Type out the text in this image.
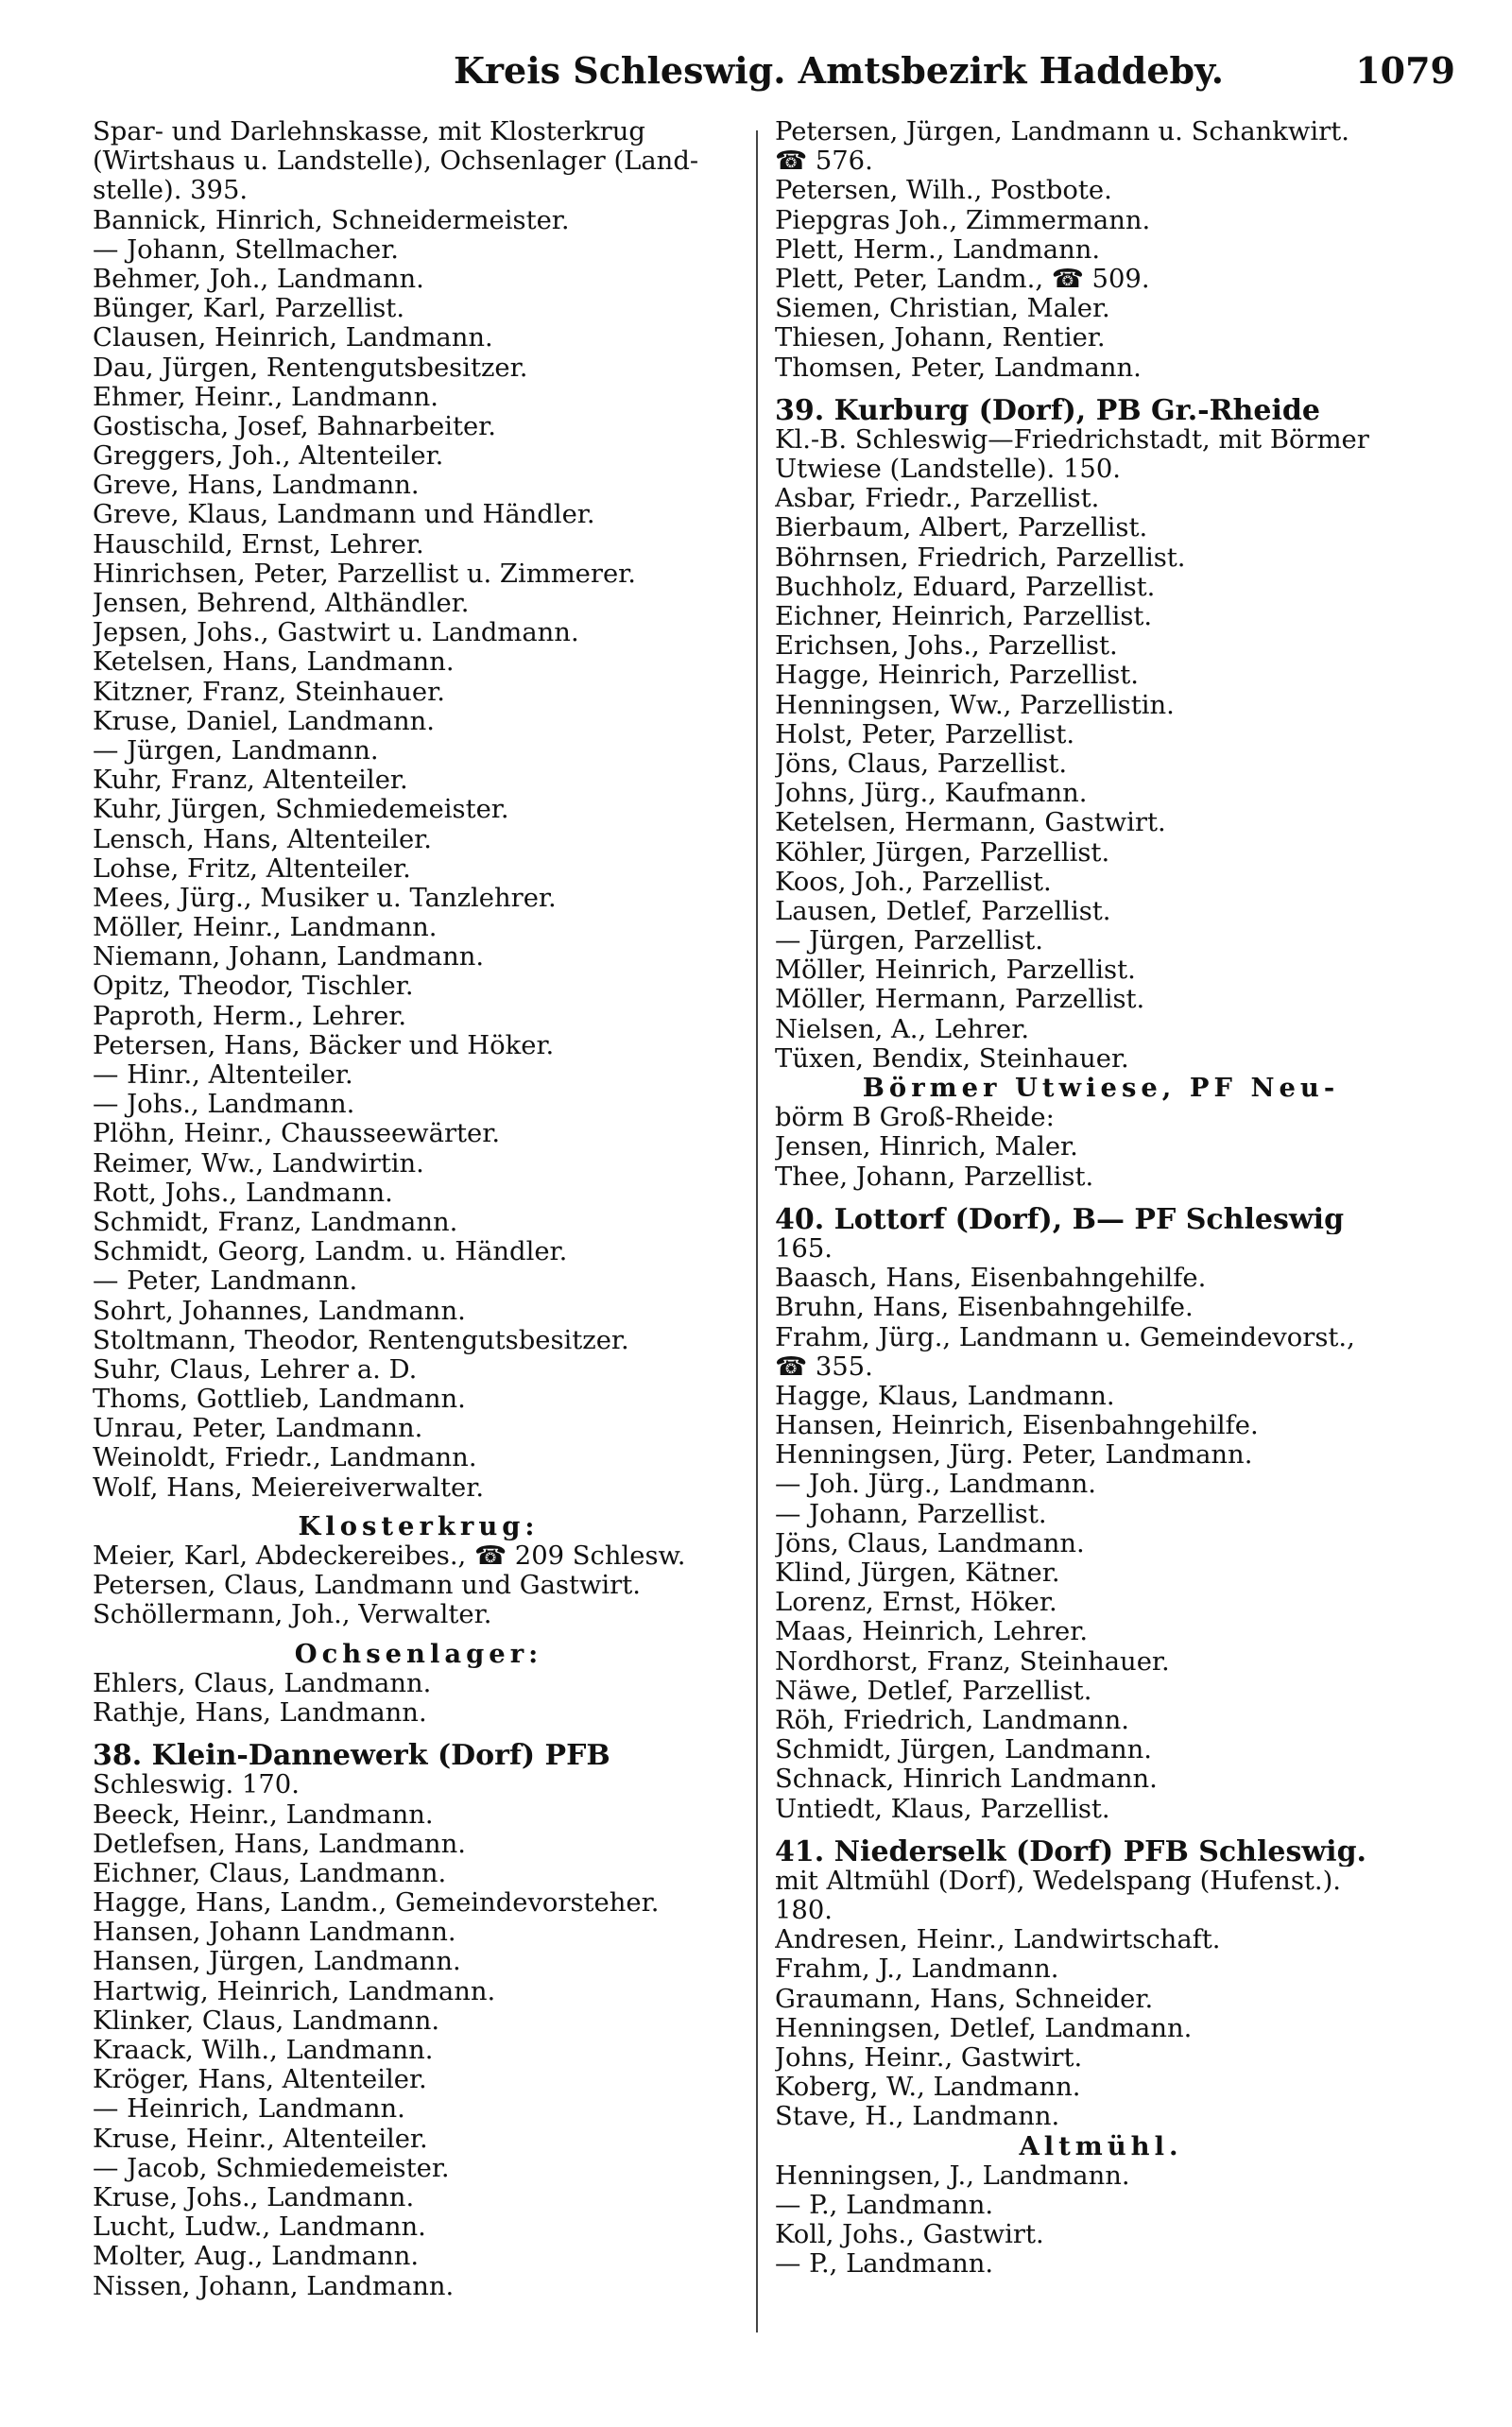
Kreis Schleswig. Amtsbezirk Haddeby.	1079
Spar- und Darlehnskasse, mit Klosterkrug
(Wirtshaus u. Landstelle), Ochsenlager (Land-
stelle). 395.
Bannick, Hinrich, Schneidermeister.
— Johann, Stellmacher.
Behmer, Joh., Landmann.
Bünger, Karl, Parzellist.
Clausen, Heinrich, Landmann.
Dau, Jürgen, Rentengutsbesitzer.
Ehmer, Heinr., Landmann.
Gostischa, Josef, Bahnarbeiter.
Greggers, Joh., Altenteiler.
Greve, Hans, Landmann.
Greve, Klaus, Landmann und Händler.
Hauschild, Ernst, Lehrer.
Hinrichsen, Peter, Parzellist u. Zimmerer.
Jensen, Behrend, Althändler.
Jepsen, Johs., Gastwirt u. Landmann.
Ketelsen, Hans, Landmann.
Kitzner, Franz, Steinhauer.
Kruse, Daniel, Landmann.
— Jürgen, Landmann.
Kuhr, Franz, Altenteiler.
Kuhr, Jürgen, Schmiedemeister.
Lensch, Hans, Altenteiler.
Lohse, Fritz, Altenteiler.
Mees, Jürg., Musiker u. Tanzlehrer.
Möller, Heinr., Landmann.
Niemann, Johann, Landmann.
Opitz, Theodor, Tischler.
Paproth, Herm., Lehrer.
Petersen, Hans, Bäcker und Höker.
— Hinr., Altenteiler.
— Johs., Landmann.
Plöhn, Heinr., Chausseewärter.
Reimer, Ww., Landwirtin.
Rott, Johs., Landmann.
Schmidt, Franz, Landmann.
Schmidt, Georg, Landm. u. Händler.
— Peter, Landmann.
Sohrt, Johannes, Landmann.
Stoltmann, Theodor, Rentengutsbesitzer.
Suhr, Claus, Lehrer a. D.
Thoms, Gottlieb, Landmann.
Unrau, Peter, Landmann.
Weinoldt, Friedr., Landmann.
Wolf, Hans, Meiereiverwalter.
Klosterkrug:
Meier, Karl, Abdeckereibes., ☎ 209 Schlesw.
Petersen, Claus, Landmann und Gastwirt.
Schöllermann, Joh., Verwalter.
Ochsenlager:
Ehlers, Claus, Landmann.
Rathje, Hans, Landmann.
38. Klein-Dannewerk (Dorf) PFB
Schleswig. 170.
Beeck, Heinr., Landmann.
Detlefsen, Hans, Landmann.
Eichner, Claus, Landmann.
Hagge, Hans, Landm., Gemeindevorsteher.
Hansen, Johann Landmann.
Hansen, Jürgen, Landmann.
Hartwig, Heinrich, Landmann.
Klinker, Claus, Landmann.
Kraack, Wilh., Landmann.
Kröger, Hans, Altenteiler.
— Heinrich, Landmann.
Kruse, Heinr., Altenteiler.
— Jacob, Schmiedemeister.
Kruse, Johs., Landmann.
Lucht, Ludw., Landmann.
Molter, Aug., Landmann.
Nissen, Johann, Landmann.
Petersen, Jürgen, Landmann u. Schankwirt.
☎ 576.
Petersen, Wilh., Postbote.
Piepgras Joh., Zimmermann.
Plett, Herm., Landmann.
Plett, Peter, Landm., ☎ 509.
Siemen, Christian, Maler.
Thiesen, Johann, Rentier.
Thomsen, Peter, Landmann.
39. Kurburg (Dorf), PB Gr.-Rheide
Kl.-B. Schleswig—Friedrichstadt, mit Börmer
Utwiese (Landstelle). 150.
Asbar, Friedr., Parzellist.
Bierbaum, Albert, Parzellist.
Böhrnsen, Friedrich, Parzellist.
Buchholz, Eduard, Parzellist.
Eichner, Heinrich, Parzellist.
Erichsen, Johs., Parzellist.
Hagge, Heinrich, Parzellist.
Henningsen, Ww., Parzellistin.
Holst, Peter, Parzellist.
Jöns, Claus, Parzellist.
Johns, Jürg., Kaufmann.
Ketelsen, Hermann, Gastwirt.
Köhler, Jürgen, Parzellist.
Koos, Joh., Parzellist.
Lausen, Detlef, Parzellist.
— Jürgen, Parzellist.
Möller, Heinrich, Parzellist.
Möller, Hermann, Parzellist.
Nielsen, A., Lehrer.
Tüxen, Bendix, Steinhauer.
Börmer Utwiese, PF Neu-
börm B Groß-Rheide:
Jensen, Hinrich, Maler.
Thee, Johann, Parzellist.
40. Lottorf (Dorf), B— PF Schleswig
165.
Baasch, Hans, Eisenbahngehilfe.
Bruhn, Hans, Eisenbahngehilfe.
Frahm, Jürg., Landmann u. Gemeindevorst.,
☎ 355.
Hagge, Klaus, Landmann.
Hansen, Heinrich, Eisenbahngehilfe.
Henningsen, Jürg. Peter, Landmann.
— Joh. Jürg., Landmann.
— Johann, Parzellist.
Jöns, Claus, Landmann.
Klind, Jürgen, Kätner.
Lorenz, Ernst, Höker.
Maas, Heinrich, Lehrer.
Nordhorst, Franz, Steinhauer.
Näwe, Detlef, Parzellist.
Röh, Friedrich, Landmann.
Schmidt, Jürgen, Landmann.
Schnack, Hinrich Landmann.
Untiedt, Klaus, Parzellist.
41. Niederselk (Dorf) PFB Schleswig.
mit Altmühl (Dorf), Wedelspang (Hufenst.).
180.
Andresen, Heinr., Landwirtschaft.
Frahm, J., Landmann.
Graumann, Hans, Schneider.
Henningsen, Detlef, Landmann.
Johns, Heinr., Gastwirt.
Koberg, W., Landmann.
Stave, H., Landmann.
Altmühl.
Henningsen, J., Landmann.
— P., Landmann.
Koll, Johs., Gastwirt.
— P., Landmann.
